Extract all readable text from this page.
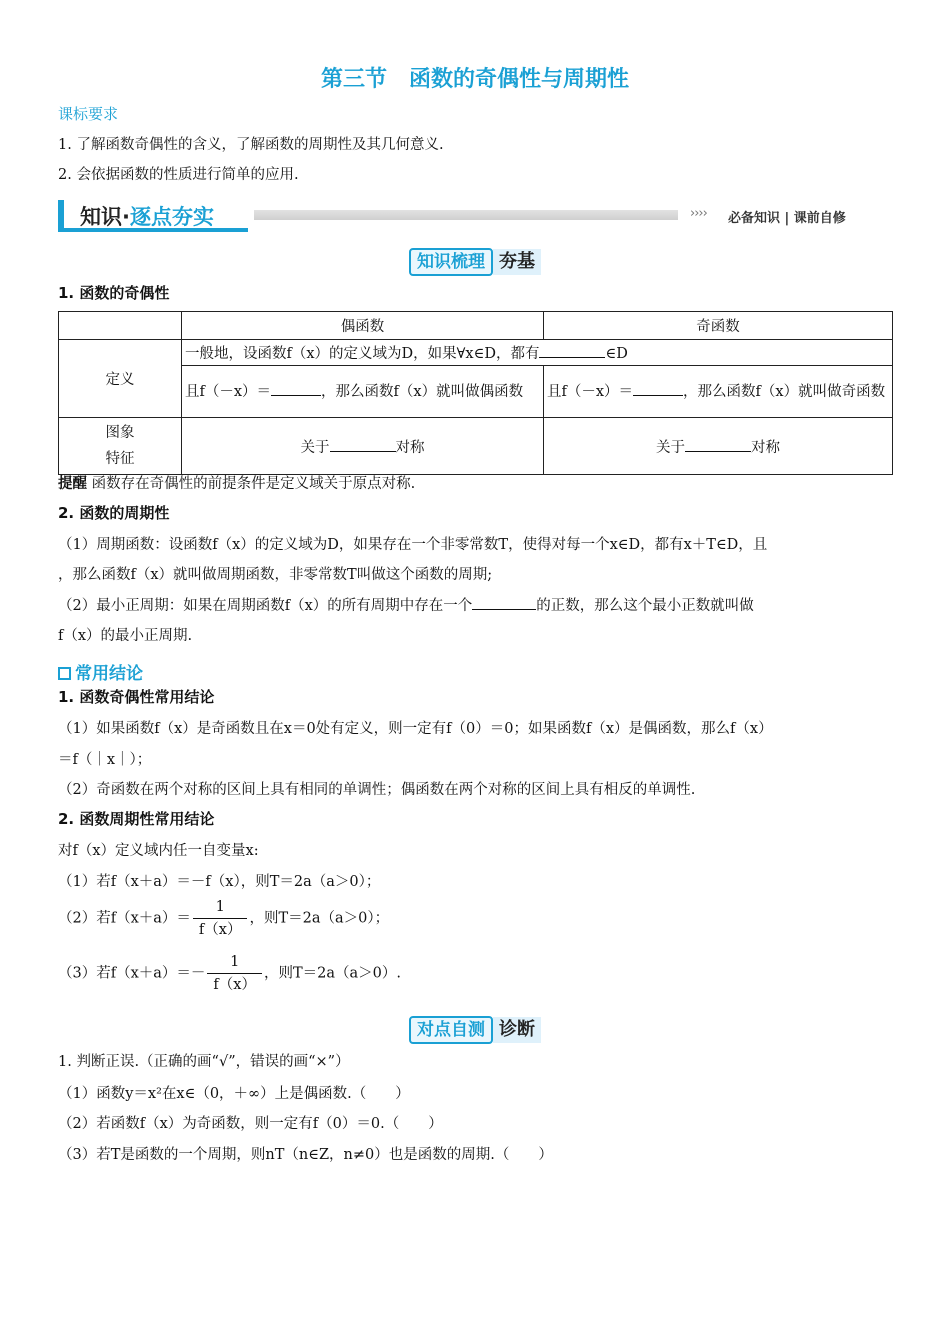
第三节　函数的奇偶性与周期性
课标要求
1. 了解函数奇偶性的含义，了解函数的周期性及其几何意义.
2. 会依据函数的性质进行简单的应用.
知识·逐点夯实	›››› 必备知识 | 课前自修
知识梳理 夯基
1. 函数的奇偶性
	偶函数	奇函数
定义	一般地，设函数f（x）的定义域为D，如果∀x∈D，都有 ∈D	
	且f（－x）＝ ，那么函数f（x）就叫做偶函数	且f（－x）＝ ，那么函数f（x）就叫做奇函数
图象
特征	关于 对称	关于 对称
提醒 函数存在奇偶性的前提条件是定义域关于原点对称.
2. 函数的周期性
（1）周期函数：设函数f（x）的定义域为D，如果存在一个非零常数T，使得对每一个x∈D，都有x＋T∈D，且
，那么函数f（x）就叫做周期函数，非零常数T叫做这个函数的周期;
（2）最小正周期：如果在周期函数f（x）的所有周期中存在一个	的正数，那么这个最小正数就叫做
f（x）的最小正周期.
常用结论
1. 函数奇偶性常用结论
（1）如果函数f（x）是奇函数且在x＝0处有定义，则一定有f（0）＝0；如果函数f（x）是偶函数，那么f（x）
＝f（｜x｜）；
（2）奇函数在两个对称的区间上具有相同的单调性；偶函数在两个对称的区间上具有相反的单调性.
2. 函数周期性常用结论
对f（x）定义域内任一自变量x:
（1）若f（x＋a）＝－f（x），则T＝2a（a＞0）；
（2）若$f(x+a)= \frac{1}{f(x)}$ ，则T＝2a（a＞0）；
（3）若$f(x+a)=- \frac{1}{f(x)}$ ，则T＝2a（a＞0）.
对点自测 诊断
1. 判断正误.（正确的画“√”，错误的画“×”）
（1）函数y＝x²在x∈（0，＋∞）上是偶函数.（　　）
（2）若函数f（x）为奇函数，则一定有f（0）＝0.（　　）
（3）若T是函数的一个周期，则nT（n∈Z，n≠0）也是函数的周期.（　　）
